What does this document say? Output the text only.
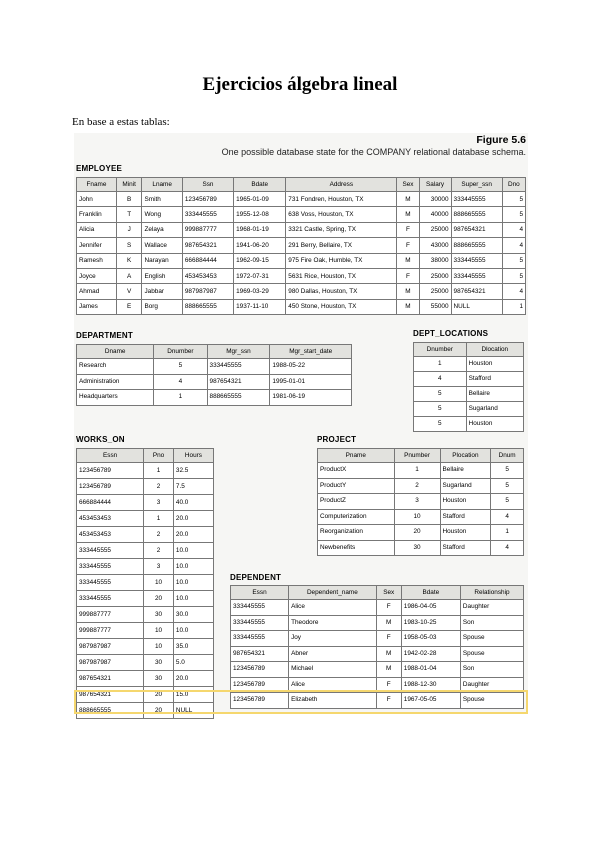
Ejercicios álgebra lineal

En base a estas tablas:

Figure 5.6
One possible database state for the COMPANY relational database schema.
EMPLOYEE
Fname	Minit	Lname	Ssn	Bdate	Address	Sex	Salary	Super_ssn	Dno
John	B	Smith	123456789	1965-01-09	731 Fondren, Houston, TX	M	30000	333445555	5
Franklin	T	Wong	333445555	1955-12-08	638 Voss, Houston, TX	M	40000	888665555	5
Alicia	J	Zelaya	999887777	1968-01-19	3321 Castle, Spring, TX	F	25000	987654321	4
Jennifer	S	Wallace	987654321	1941-06-20	291 Berry, Bellaire, TX	F	43000	888665555	4
Ramesh	K	Narayan	666884444	1962-09-15	975 Fire Oak, Humble, TX	M	38000	333445555	5
Joyce	A	English	453453453	1972-07-31	5631 Rice, Houston, TX	F	25000	333445555	5
Ahmad	V	Jabbar	987987987	1969-03-29	980 Dallas, Houston, TX	M	25000	987654321	4
James	E	Borg	888665555	1937-11-10	450 Stone, Houston, TX	M	55000	NULL	1
DEPARTMENT
Dname	Dnumber	Mgr_ssn	Mgr_start_date
Research	5	333445555	1988-05-22
Administration	4	987654321	1995-01-01
Headquarters	1	888665555	1981-06-19
DEPT_LOCATIONS
Dnumber	Dlocation
1	Houston
4	Stafford
5	Bellaire
5	Sugarland
5	Houston
WORKS_ON
Essn	Pno	Hours
123456789	1	32.5
123456789	2	7.5
666884444	3	40.0
453453453	1	20.0
453453453	2	20.0
333445555	2	10.0
333445555	3	10.0
333445555	10	10.0
333445555	20	10.0
999887777	30	30.0
999887777	10	10.0
987987987	10	35.0
987987987	30	5.0
987654321	30	20.0
987654321	20	15.0
888665555	20	NULL
PROJECT
Pname	Pnumber	Plocation	Dnum
ProductX	1	Bellaire	5
ProductY	2	Sugarland	5
ProductZ	3	Houston	5
Computerization	10	Stafford	4
Reorganization	20	Houston	1
Newbenefits	30	Stafford	4
DEPENDENT
Essn	Dependent_name	Sex	Bdate	Relationship
333445555	Alice	F	1986-04-05	Daughter
333445555	Theodore	M	1983-10-25	Son
333445555	Joy	F	1958-05-03	Spouse
987654321	Abner	M	1942-02-28	Spouse
123456789	Michael	M	1988-01-04	Son
123456789	Alice	F	1988-12-30	Daughter
123456789	Elizabeth	F	1967-05-05	Spouse
